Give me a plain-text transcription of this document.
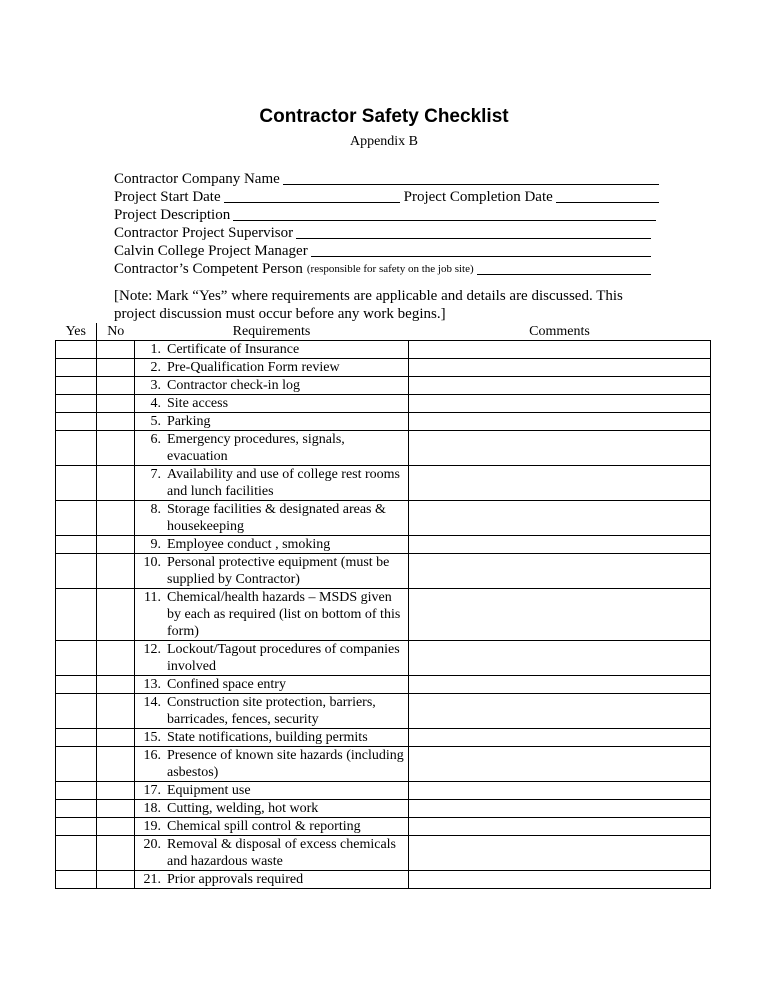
Contractor Safety Checklist
Appendix B
Contractor Company Name
Project Start Date	Project Completion Date
Project Description
Contractor Project Supervisor
Calvin College Project Manager
Contractor’s Competent Person (responsible for safety on the job site)
[Note: Mark “Yes” where requirements are applicable and details are discussed. This project discussion must occur before any work begins.]
Yes	No	Requirements	Comments

		1. Certificate of Insurance	

		2. Pre-Qualification Form review	

		3. Contractor check-in log	

		4. Site access	

		5. Parking	

		6. Emergency procedures, signals, evacuation	

		7. Availability and use of college rest rooms and lunch facilities	

		8. Storage facilities & designated areas & housekeeping	

		9. Employee conduct , smoking	

		10. Personal protective equipment (must be supplied by Contractor)	

		11. Chemical/health hazards – MSDS given by each as required (list on bottom of this form)	

		12. Lockout/Tagout procedures of companies involved	

		13. Confined space entry	

		14. Construction site protection, barriers, barricades, fences, security	

		15. State notifications, building permits	

		16. Presence of known site hazards (including asbestos)	

		17. Equipment use	

		18. Cutting, welding, hot work	

		19. Chemical spill control & reporting	

		20. Removal & disposal of excess chemicals and hazardous waste	

		21. Prior approvals required	
